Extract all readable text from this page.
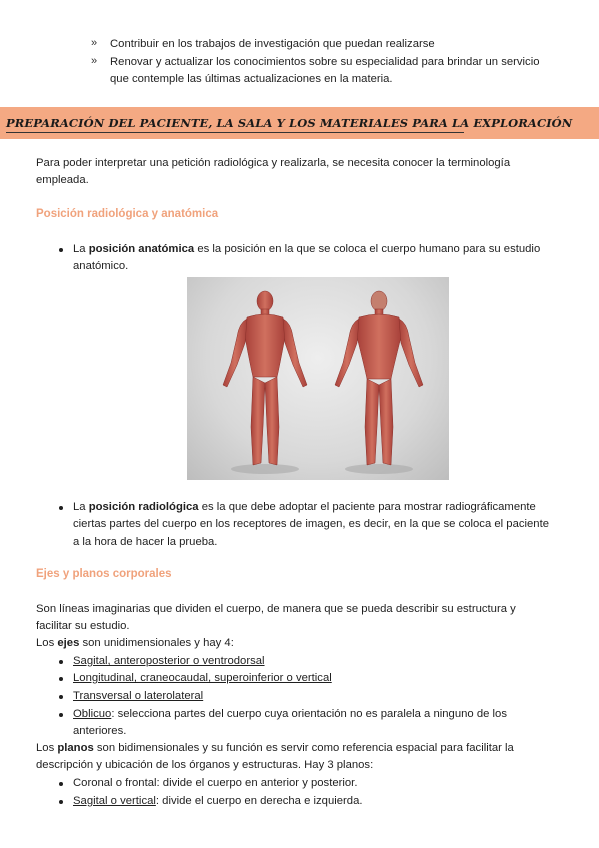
» Contribuir en los trabajos de investigación que puedan realizarse
» Renovar y actualizar los conocimientos sobre su especialidad para brindar un servicio
que contemple las últimas actualizaciones en la materia.
PREPARACIÓN DEL PACIENTE, LA SALA Y LOS MATERIALES PARA LA EXPLORACIÓN
Para poder interpretar una petición radiológica y realizarla, se necesita conocer la terminología
empleada.
Posición radiológica y anatómica
La posición anatómica es la posición en la que se coloca el cuerpo humano para su estudio
anatómico.
La posición radiológica es la que debe adoptar el paciente para mostrar radiográficamente
ciertas partes del cuerpo en los receptores de imagen, es decir, en la que se coloca el paciente
a la hora de hacer la prueba.
Ejes y planos corporales
Son líneas imaginarias que dividen el cuerpo, de manera que se pueda describir su estructura y
facilitar su estudio.
Los ejes son unidimensionales y hay 4:
Sagital, anteroposterior o ventrodorsal
Longitudinal, craneocaudal, superoinferior o vertical
Transversal o laterolateral
Oblicuo: selecciona partes del cuerpo cuya orientación no es paralela a ninguno de los
anteriores.
Los planos son bidimensionales y su función es servir como referencia espacial para facilitar la
descripción y ubicación de los órganos y estructuras. Hay 3 planos:
Coronal o frontal: divide el cuerpo en anterior y posterior.
Sagital o vertical: divide el cuerpo en derecha e izquierda.
